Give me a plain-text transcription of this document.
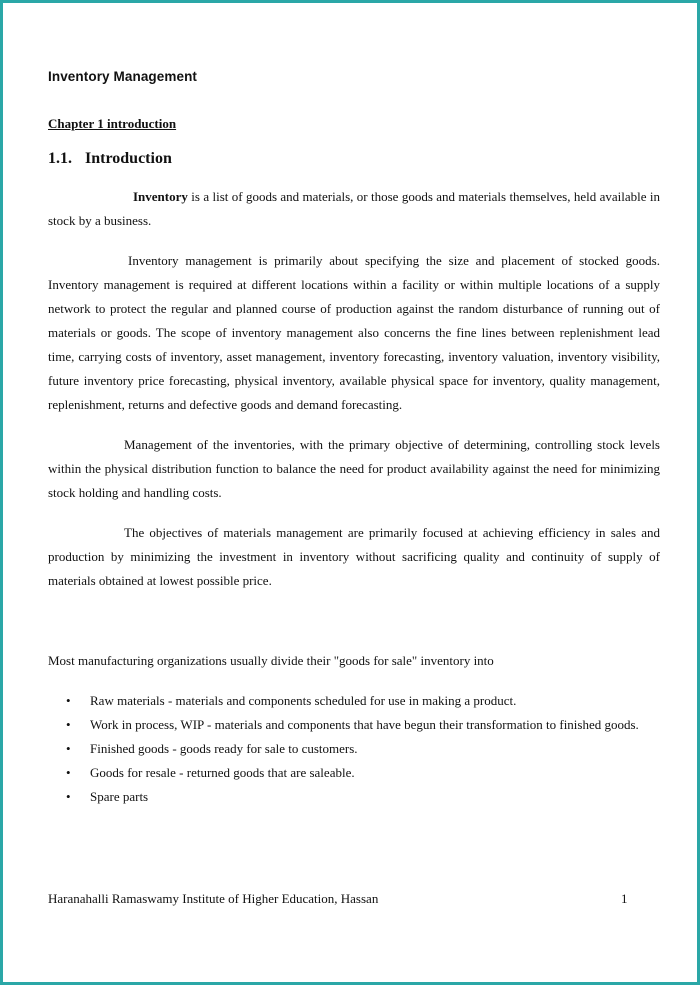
Inventory Management
Chapter 1 introduction
1.1. Introduction

Inventory is a list of goods and materials, or those goods and materials themselves, held available in stock by a business.

Inventory management is primarily about specifying the size and placement of stocked goods. Inventory management is required at different locations within a facility or within multiple locations of a supply network to protect the regular and planned course of production against the random disturbance of running out of materials or goods. The scope of inventory management also concerns the fine lines between replenishment lead time, carrying costs of inventory, asset management, inventory forecasting, inventory valuation, inventory visibility, future inventory price forecasting, physical inventory, available physical space for inventory, quality management, replenishment, returns and defective goods and demand forecasting.

Management of the inventories, with the primary objective of determining, controlling stock levels within the physical distribution function to balance the need for product availability against the need for minimizing stock holding and handling costs.

The objectives of materials management are primarily focused at achieving efficiency in sales and production by minimizing the investment in inventory without sacrificing quality and continuity of supply of materials obtained at lowest possible price.

Most manufacturing organizations usually divide their "goods for sale" inventory into

• Raw materials - materials and components scheduled for use in making a product.
• Work in process, WIP - materials and components that have begun their transformation to finished goods.
• Finished goods - goods ready for sale to customers.
• Goods for resale - returned goods that are saleable.
• Spare parts

Haranahalli Ramaswamy Institute of Higher Education, Hassan	1
